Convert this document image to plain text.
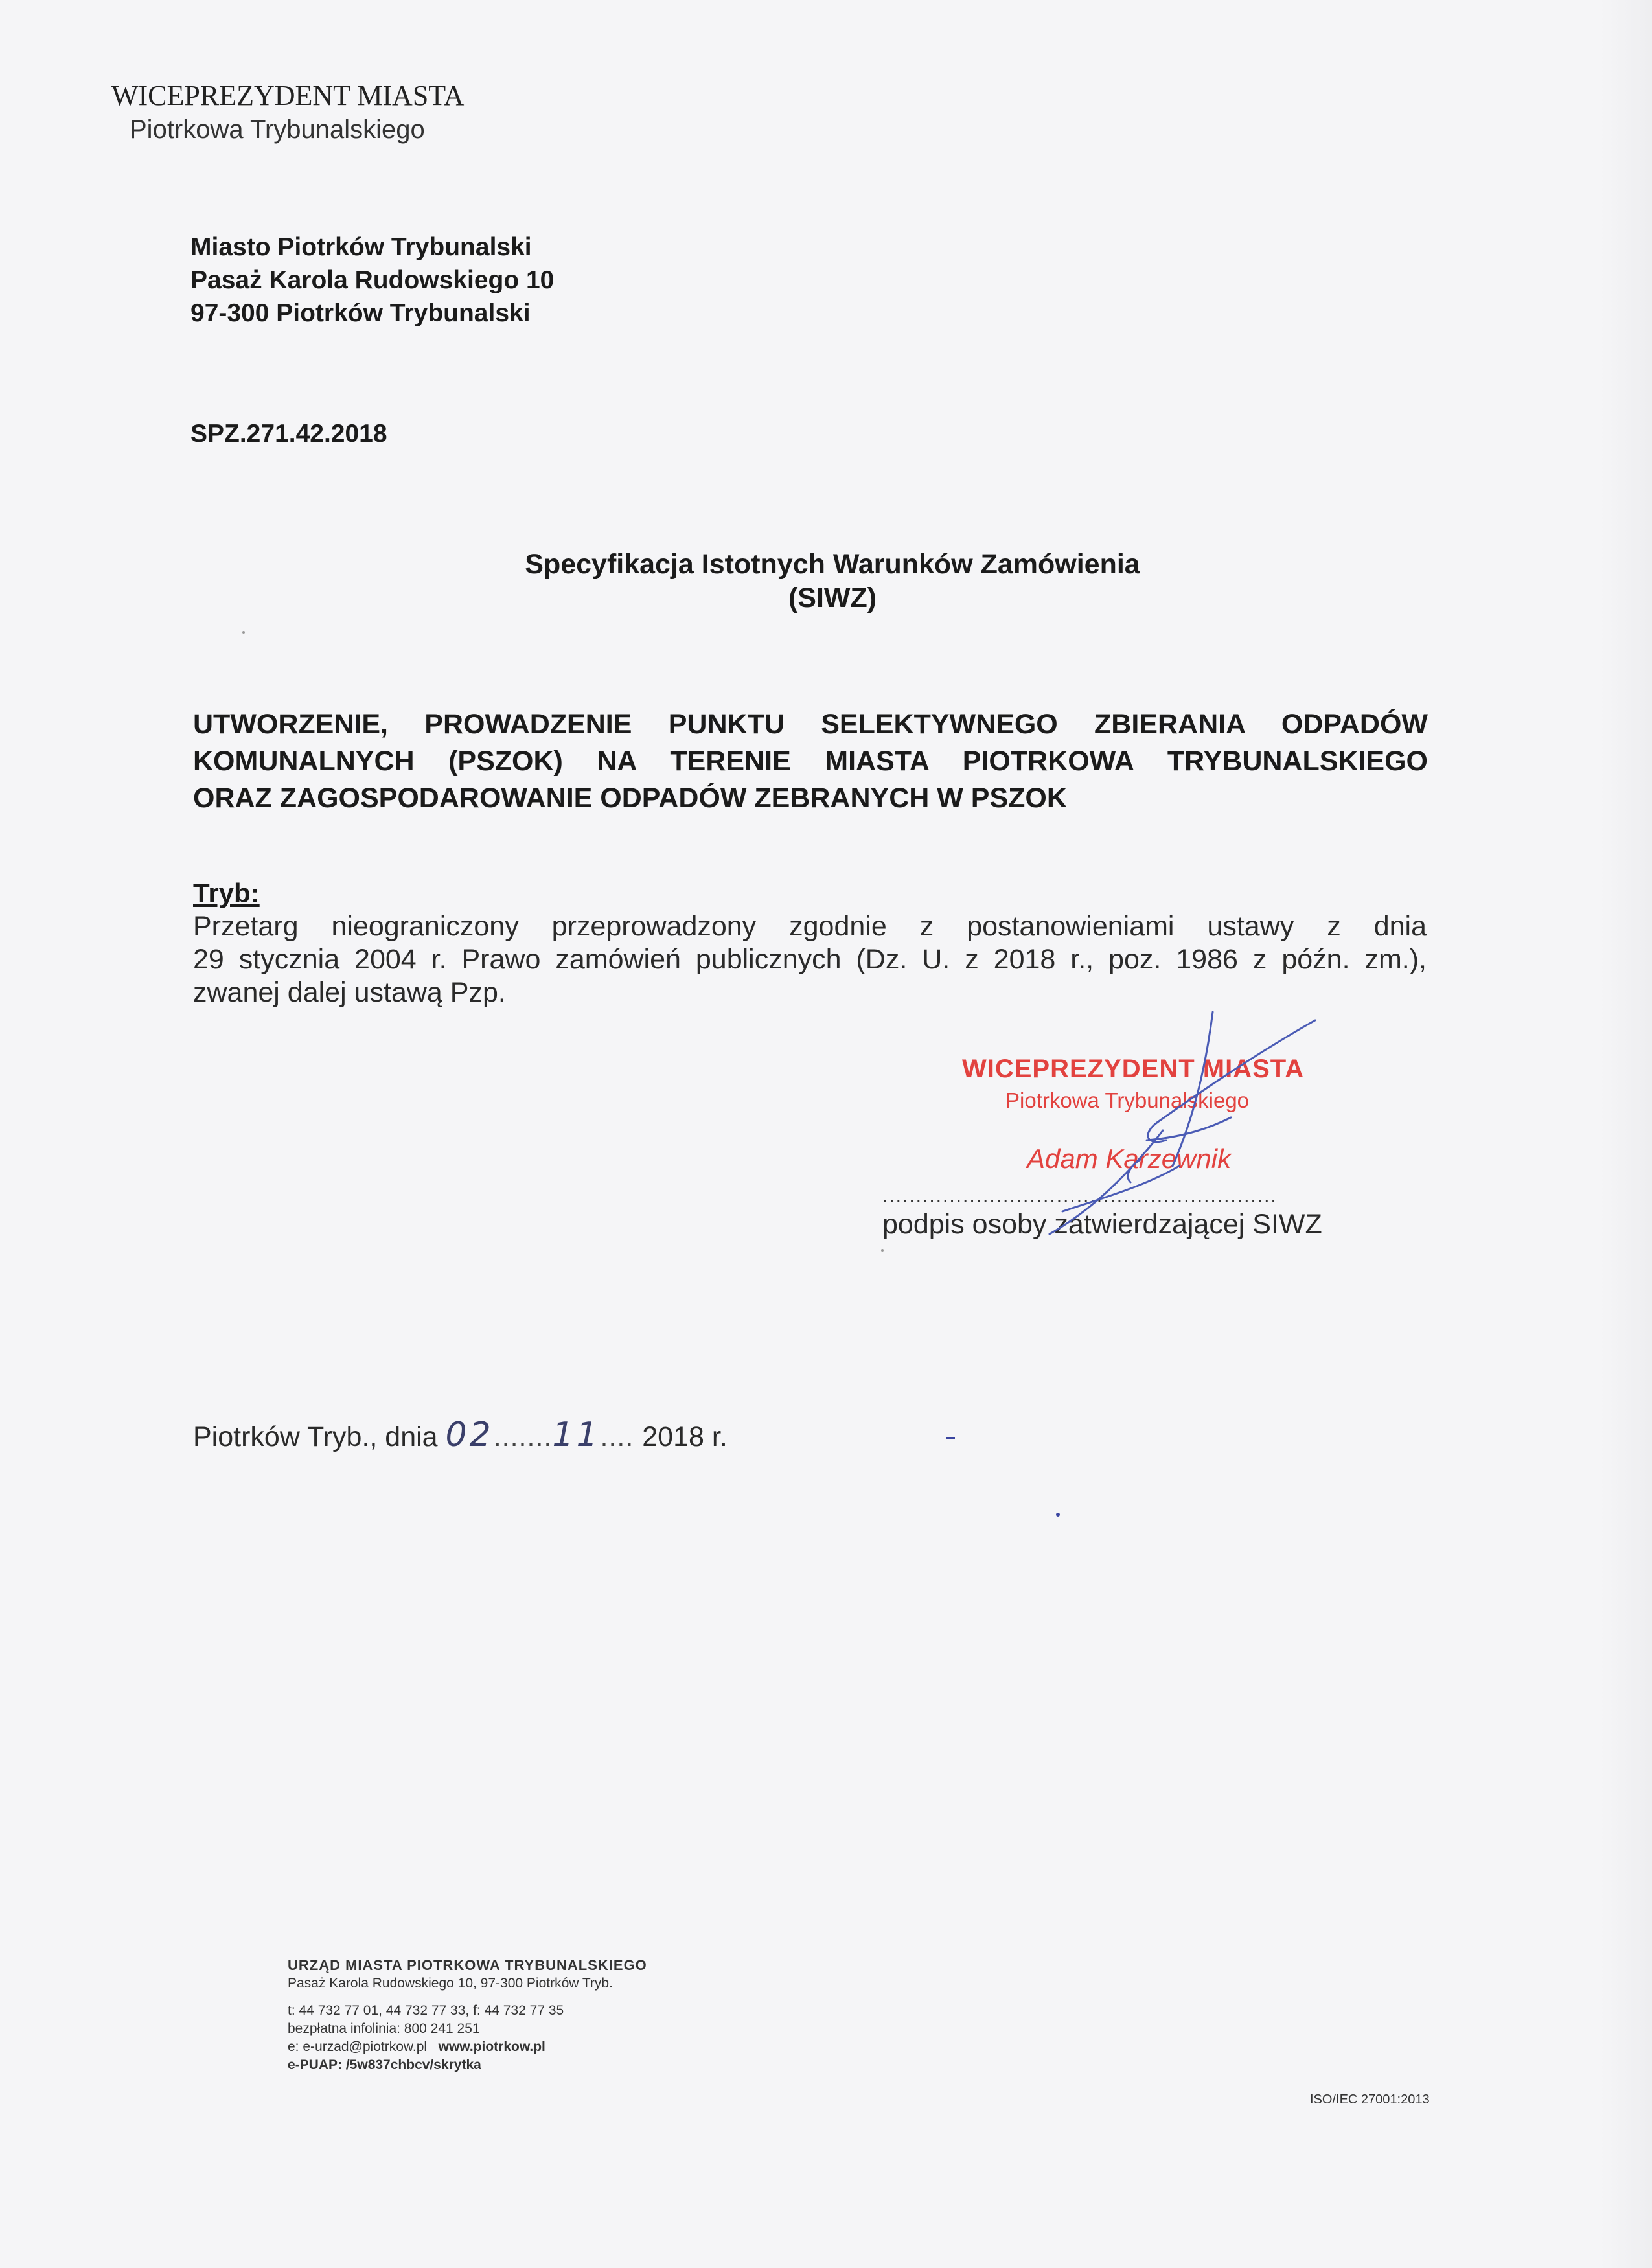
WICEPREZYDENT MIASTA
Piotrkowa Trybunalskiego
Miasto Piotrków Trybunalski
Pasaż Karola Rudowskiego 10
97-300 Piotrków Trybunalski
SPZ.271.42.2018
Specyfikacja Istotnych Warunków Zamówienia
(SIWZ)
UTWORZENIE, PROWADZENIE PUNKTU SELEKTYWNEGO ZBIERANIA ODPADÓW
KOMUNALNYCH (PSZOK) NA TERENIE MIASTA PIOTRKOWA TRYBUNALSKIEGO
ORAZ ZAGOSPODAROWANIE ODPADÓW ZEBRANYCH W PSZOK
Tryb:
Przetarg nieograniczony przeprowadzony zgodnie z postanowieniami ustawy z dnia
29 stycznia 2004 r. Prawo zamówień publicznych (Dz. U. z 2018 r., poz. 1986 z późn. zm.),
zwanej dalej ustawą Pzp.
WICEPREZYDENT MIASTA
Piotrkowa Trybunalskiego
Adam Karzewnik
...........................................................
podpis osoby zatwierdzającej SIWZ
Piotrków Tryb., dnia 02.......11.... 2018 r.
URZĄD MIASTA PIOTRKOWA TRYBUNALSKIEGO
Pasaż Karola Rudowskiego 10, 97-300 Piotrków Tryb.
t: 44 732 77 01, 44 732 77 33, f: 44 732 77 35
bezpłatna infolinia: 800 241 251
e: e-urzad@piotrkow.pl www.piotrkow.pl
e-PUAP: /5w837chbcv/skrytka
ISO/IEC 27001:2013
